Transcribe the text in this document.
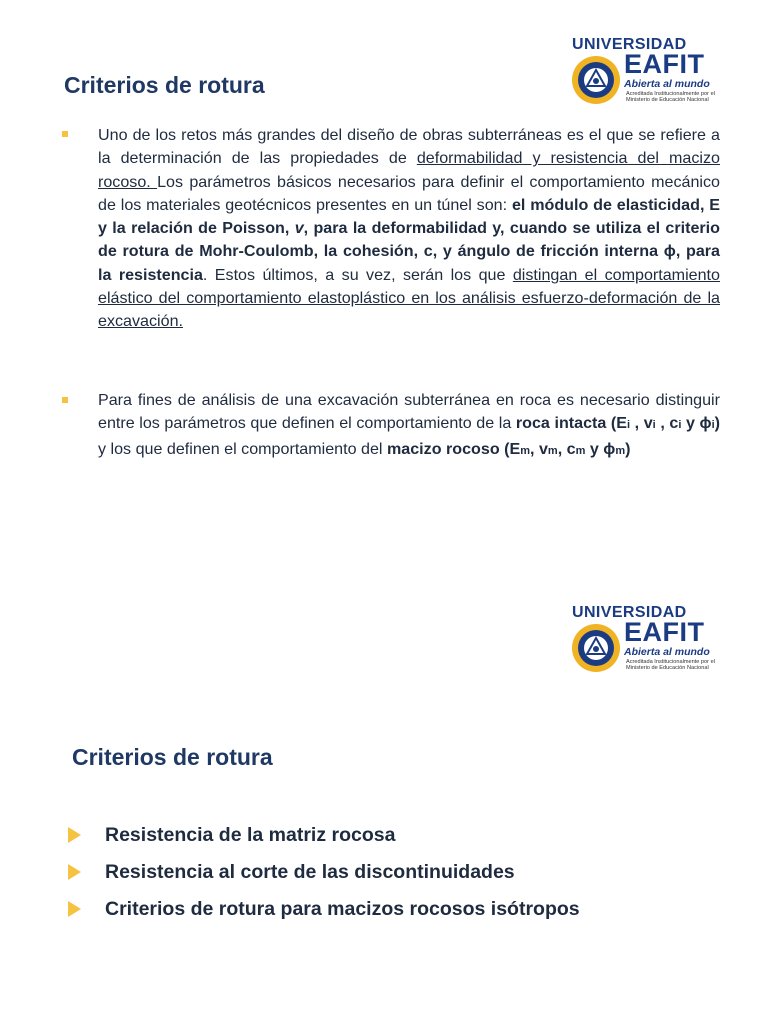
UNIVERSIDAD
EAFIT
Abierta al mundo
Acreditada Institucionalmente por el Ministerio de Educación Nacional
Criterios de rotura
Uno de los retos más grandes del diseño de obras subterráneas es el que se refiere a la determinación de las propiedades de deformabilidad y resistencia del macizo rocoso. Los parámetros básicos necesarios para definir el comportamiento mecánico de los materiales geotécnicos presentes en un túnel son: el módulo de elasticidad, E y la relación de Poisson, v, para la deformabilidad y, cuando se utiliza el criterio de rotura de Mohr-Coulomb, la cohesión, c, y ángulo de fricción interna ϕ, para la resistencia. Estos últimos, a su vez, serán los que distingan el comportamiento elástico del comportamiento elastoplástico en los análisis esfuerzo-deformación de la excavación.
Para fines de análisis de una excavación subterránea en roca es necesario distinguir entre los parámetros que definen el comportamiento de la roca intacta (Ei , vi , ci y ϕi) y los que definen el comportamiento del macizo rocoso (Em, vm, cm y ϕm)
UNIVERSIDAD
EAFIT
Abierta al mundo
Acreditada Institucionalmente por el Ministerio de Educación Nacional
Criterios de rotura
Resistencia de la matriz rocosa
Resistencia al corte de las discontinuidades
Criterios de rotura para macizos rocosos isótropos
